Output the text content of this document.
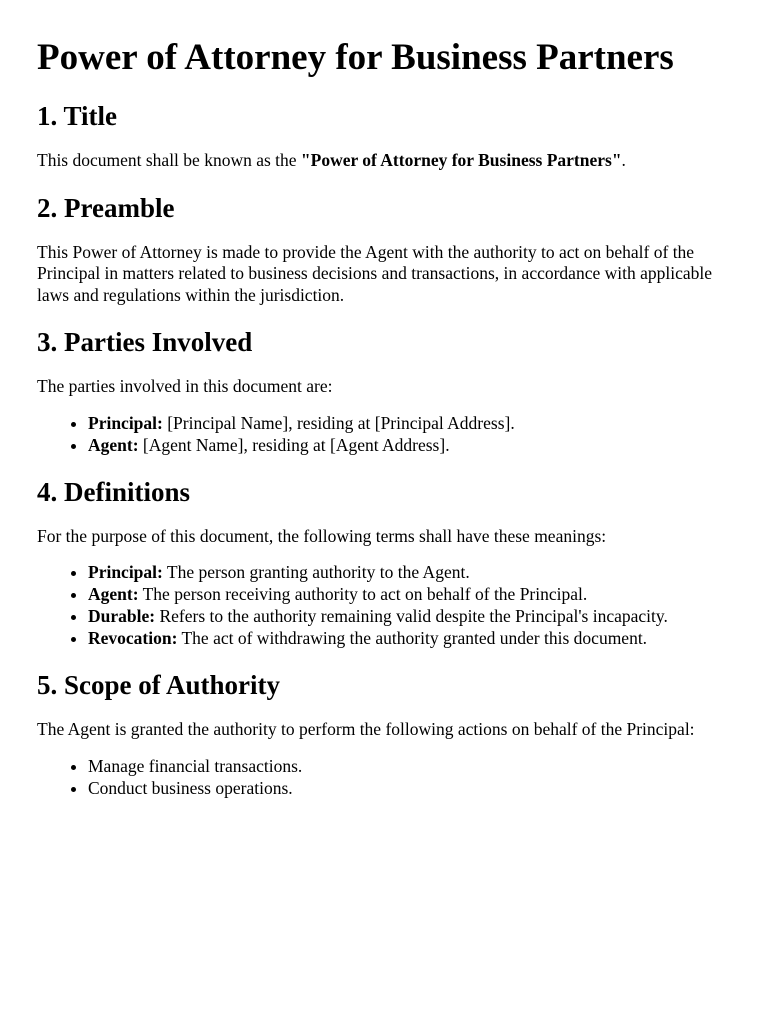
Power of Attorney for Business Partners
1. Title

This document shall be known as the "Power of Attorney for Business Partners".

2. Preamble

This Power of Attorney is made to provide the Agent with the authority to act on behalf of the Principal in matters related to business decisions and transactions, in accordance with applicable laws and regulations within the jurisdiction.

3. Parties Involved

The parties involved in this document are:

• Principal: [Principal Name], residing at [Principal Address].
• Agent: [Agent Name], residing at [Agent Address].
4. Definitions

For the purpose of this document, the following terms shall have these meanings:

• Principal: The person granting authority to the Agent.
• Agent: The person receiving authority to act on behalf of the Principal.
• Durable: Refers to the authority remaining valid despite the Principal's incapacity.
• Revocation: The act of withdrawing the authority granted under this document.
5. Scope of Authority

The Agent is granted the authority to perform the following actions on behalf of the Principal:

• Manage financial transactions.
• Conduct business operations.
